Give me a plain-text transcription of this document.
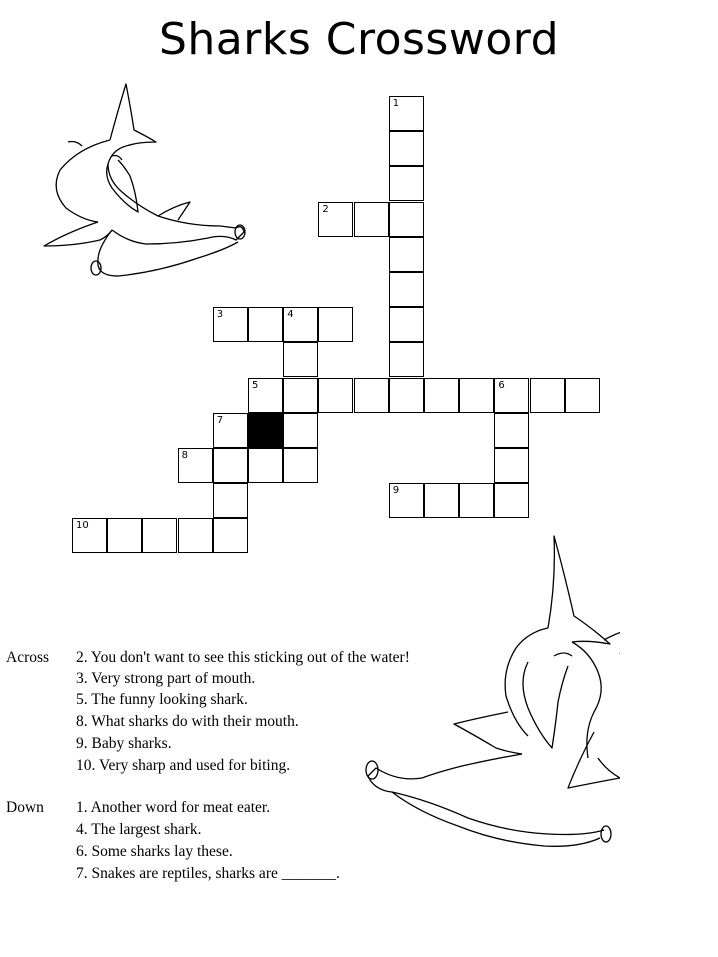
Sharks Crossword
1
2
3	4
5	6
7
8
9
10
Across 2. You don't want to see this sticking out of the water!
3. Very strong part of mouth.
5. The funny looking shark.
8. What sharks do with their mouth.
9. Baby sharks.
10. Very sharp and used for biting.
Down 1. Another word for meat eater.
4. The largest shark.
6. Some sharks lay these.
7. Snakes are reptiles, sharks are _______.
